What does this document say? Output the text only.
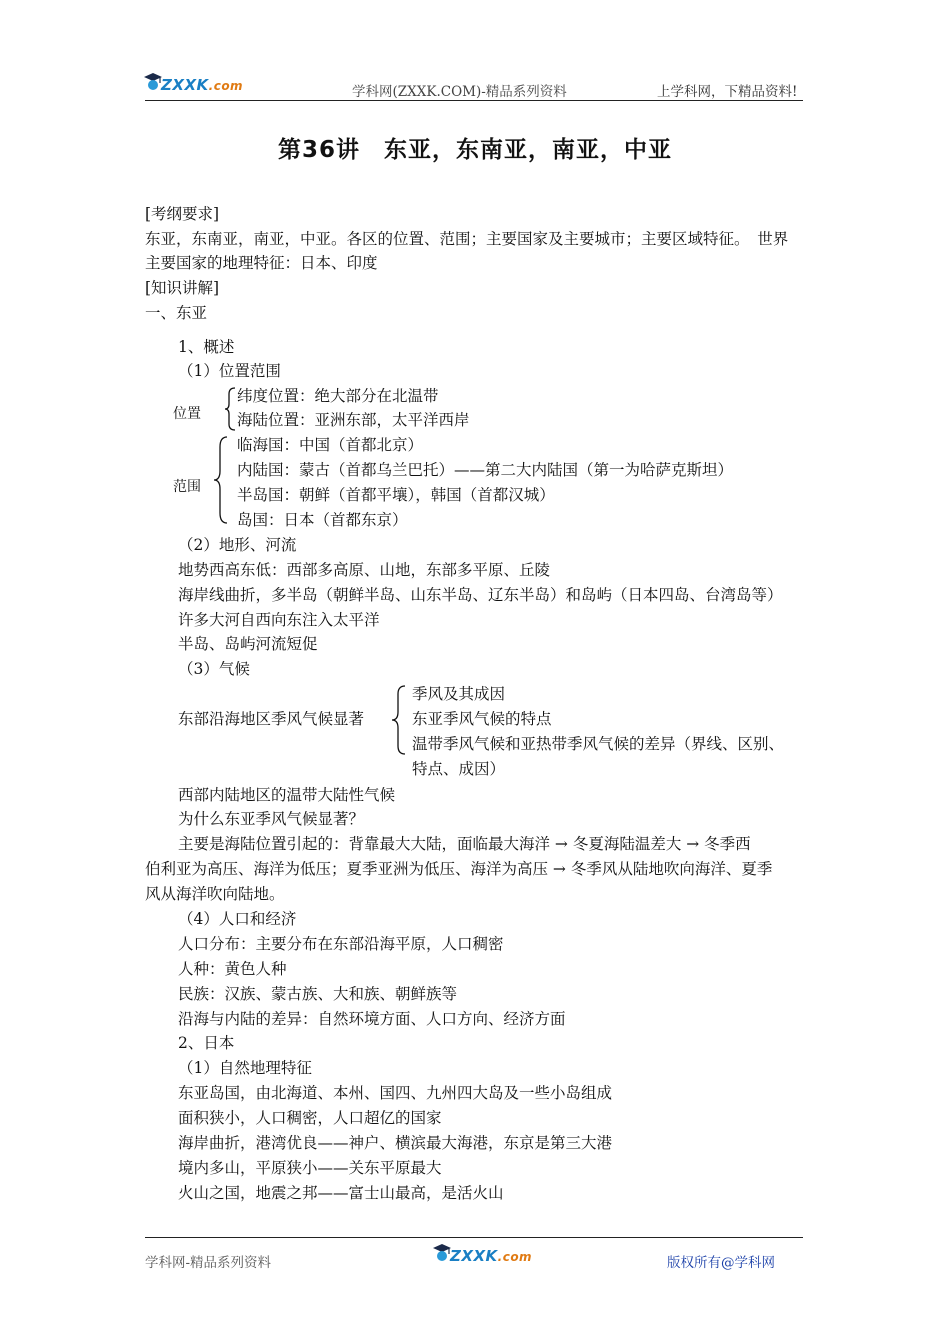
ZXXK.com	学科网(ZXXK.COM)-精品系列资料	上学科网，下精品资料!
第36讲　东亚，东南亚，南亚，中亚
[考纲要求]
东亚，东南亚，南亚，中亚。各区的位置、范围；主要国家及主要城市；主要区域特征。　世界
主要国家的地理特征：日本、印度
[知识讲解]
一、东亚
1、概述
（1）位置范围
位置
纬度位置：绝大部分在北温带
海陆位置：亚洲东部，太平洋西岸
范围
临海国：中国（首都北京）
内陆国：蒙古（首都乌兰巴托）——第二大内陆国（第一为哈萨克斯坦）
半岛国：朝鲜（首都平壤），韩国（首都汉城）
岛国：日本（首都东京）
（2）地形、河流
地势西高东低：西部多高原、山地，东部多平原、丘陵
海岸线曲折，多半岛（朝鲜半岛、山东半岛、辽东半岛）和岛屿（日本四岛、台湾岛等）
许多大河自西向东注入太平洋
半岛、岛屿河流短促
（3）气候
东部沿海地区季风气候显著
季风及其成因
东亚季风气候的特点
温带季风气候和亚热带季风气候的差异（界线、区别、
特点、成因）
西部内陆地区的温带大陆性气候
为什么东亚季风气候显著？
主要是海陆位置引起的：背靠最大大陆，面临最大海洋 → 冬夏海陆温差大 → 冬季西
伯利亚为高压、海洋为低压；夏季亚洲为低压、海洋为高压 → 冬季风从陆地吹向海洋、夏季
风从海洋吹向陆地。
（4）人口和经济
人口分布：主要分布在东部沿海平原，人口稠密
人种：黄色人种
民族：汉族、蒙古族、大和族、朝鲜族等
沿海与内陆的差异：自然环境方面、人口方向、经济方面
2、日本
（1）自然地理特征
东亚岛国，由北海道、本州、国四、九州四大岛及一些小岛组成
面积狭小，人口稠密，人口超亿的国家
海岸曲折，港湾优良——神户、横滨最大海港，东京是第三大港
境内多山，平原狭小——关东平原最大
火山之国，地震之邦——富士山最高，是活火山
学科网-精品系列资料	ZXXK.com	版权所有@学科网
